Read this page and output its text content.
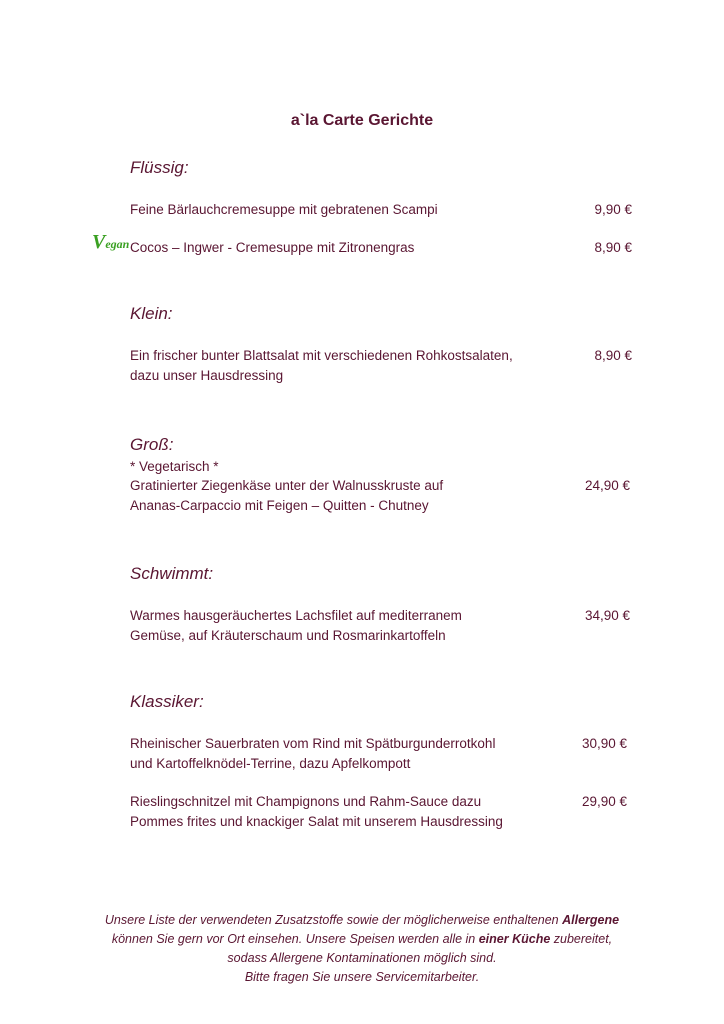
a`la Carte Gerichte
Flüssig:
Feine Bärlauchcremesuppe mit gebratenen Scampi	9,90 €
Vegan Cocos – Ingwer - Cremesuppe mit Zitronengras	8,90 €
Klein:
Ein frischer bunter Blattsalat mit verschiedenen Rohkostsalaten,
dazu unser Hausdressing
8,90 €
Groß:
* Vegetarisch *
Gratinierter Ziegenkäse unter der Walnusskruste auf
Ananas-Carpaccio mit Feigen – Quitten - Chutney
24,90 €
Schwimmt:
Warmes hausgeräuchertes Lachsfilet auf mediterranem
Gemüse, auf Kräuterschaum und Rosmarinkartoffeln
34,90 €
Klassiker:
Rheinischer Sauerbraten vom Rind mit Spätburgunderrotkohl
und Kartoffelknödel-Terrine, dazu Apfelkompott
30,90 €
Rieslingschnitzel mit Champignons und Rahm-Sauce dazu
Pommes frites und knackiger Salat mit unserem Hausdressing
29,90 €
Unsere Liste der verwendeten Zusatzstoffe sowie der möglicherweise enthaltenen Allergene
können Sie gern vor Ort einsehen. Unsere Speisen werden alle in einer Küche zubereitet,
sodass Allergene Kontaminationen möglich sind.
Bitte fragen Sie unsere Servicemitarbeiter.
